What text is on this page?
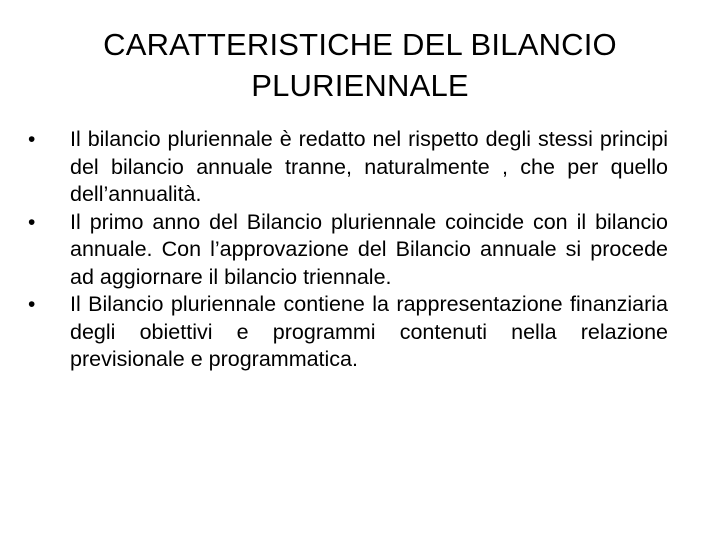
CARATTERISTICHE DEL BILANCIO
PLURIENNALE
•	Il bilancio pluriennale è redatto nel rispetto degli stessi principi del bilancio annuale tranne, naturalmente , che per quello dell’annualità.
•	Il primo anno del Bilancio pluriennale coincide con il bilancio annuale. Con l’approvazione del Bilancio annuale si procede ad aggiornare il bilancio triennale.
•	Il Bilancio pluriennale contiene la rappresentazione finanziaria degli obiettivi e programmi contenuti nella relazione previsionale e programmatica.
